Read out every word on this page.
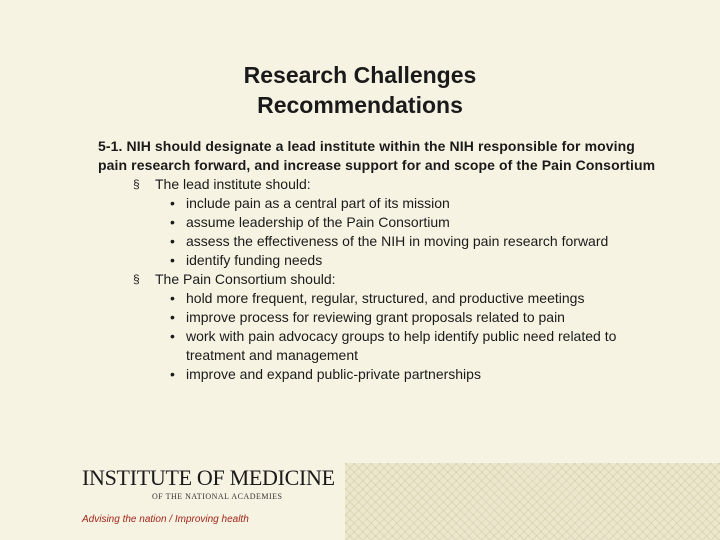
Research Challenges
Recommendations
5-1. NIH should designate a lead institute within the NIH responsible for moving pain research forward, and increase support for and scope of the Pain Consortium
§ The lead institute should:
• include pain as a central part of its mission
• assume leadership of the Pain Consortium
• assess the effectiveness of the NIH in moving pain research forward
• identify funding needs
§ The Pain Consortium should:
• hold more frequent, regular, structured, and productive meetings
• improve process for reviewing grant proposals related to pain
• work with pain advocacy groups to help identify public need related to treatment and management
• improve and expand public-private partnerships
INSTITUTE OF MEDICINE
OF THE NATIONAL ACADEMIES
Advising the nation / Improving health
